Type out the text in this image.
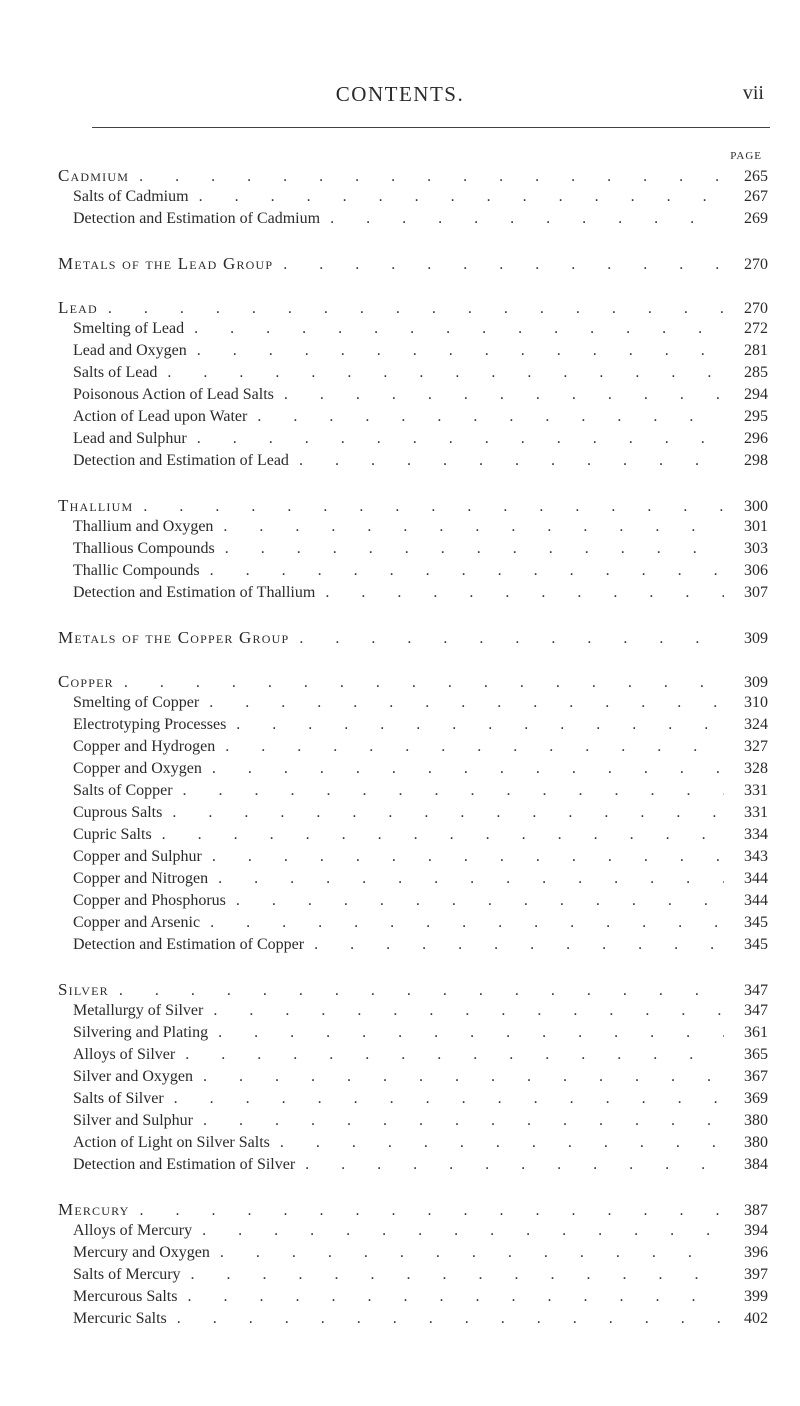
CONTENTS.	vii
PAGE
Cadmium . . .	265
Salts of Cadmium . . .	267
Detection and Estimation of Cadmium . . .	269
Metals of the Lead Group . . .	270
Lead . . .	270
Smelting of Lead . . .	272
Lead and Oxygen . . .	281
Salts of Lead . . .	285
Poisonous Action of Lead Salts . . .	294
Action of Lead upon Water . . .	295
Lead and Sulphur . . .	296
Detection and Estimation of Lead . . .	298
Thallium . . .	300
Thallium and Oxygen . . .	301
Thallious Compounds . . .	303
Thallic Compounds . . .	306
Detection and Estimation of Thallium . . .	307
Metals of the Copper Group . . .	309
Copper . . .	309
Smelting of Copper . . .	310
Electrotyping Processes . . .	324
Copper and Hydrogen . . .	327
Copper and Oxygen . . .	328
Salts of Copper . . .	331
Cuprous Salts . . .	331
Cupric Salts . . .	334
Copper and Sulphur . . .	343
Copper and Nitrogen . . .	344
Copper and Phosphorus . . .	344
Copper and Arsenic . . .	345
Detection and Estimation of Copper . . .	345
Silver . . .	347
Metallurgy of Silver . . .	347
Silvering and Plating . . .	361
Alloys of Silver . . .	365
Silver and Oxygen . . .	367
Salts of Silver . . .	369
Silver and Sulphur . . .	380
Action of Light on Silver Salts . . .	380
Detection and Estimation of Silver . . .	384
Mercury . . .	387
Alloys of Mercury . . .	394
Mercury and Oxygen . . .	396
Salts of Mercury . . .	397
Mercurous Salts . . .	399
Mercuric Salts . . .	402
